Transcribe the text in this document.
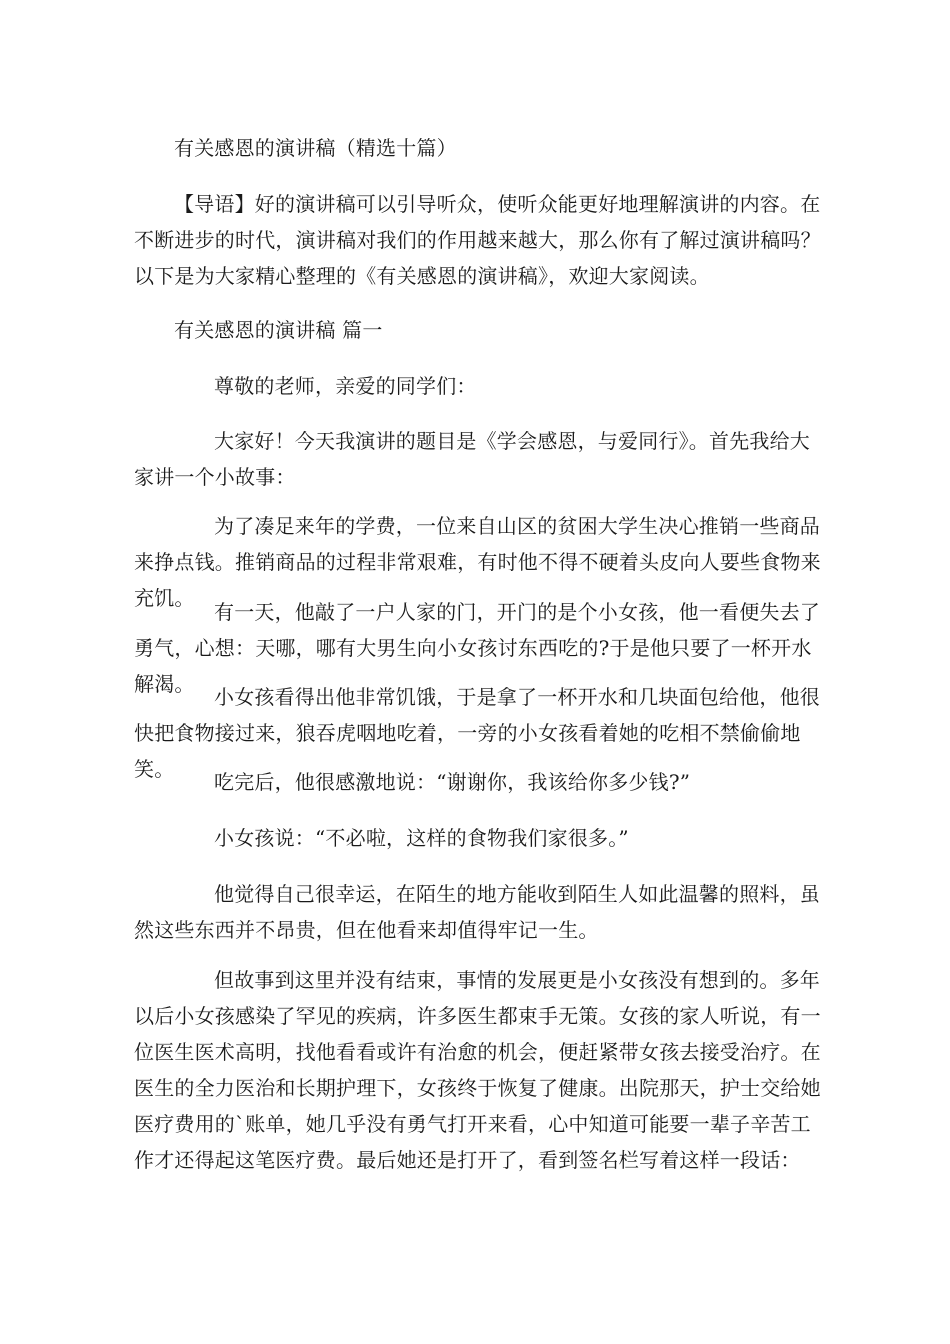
有关感恩的演讲稿（精选十篇）

【导语】好的演讲稿可以引导听众，使听众能更好地理解演讲的内容。在不断进步的时代，演讲稿对我们的作用越来越大，那么你有了解过演讲稿吗？以下是为大家精心整理的《有关感恩的演讲稿》，欢迎大家阅读。

有关感恩的演讲稿 篇一

尊敬的老师，亲爱的同学们：

大家好！今天我演讲的题目是《学会感恩，与爱同行》。首先我给大家讲一个小故事：

为了凑足来年的学费，一位来自山区的贫困大学生决心推销一些商品来挣点钱。推销商品的过程非常艰难，有时他不得不硬着头皮向人要些食物来充饥。

有一天，他敲了一户人家的门，开门的是个小女孩，他一看便失去了勇气，心想：天哪，哪有大男生向小女孩讨东西吃的?于是他只要了一杯开水解渴。

小女孩看得出他非常饥饿，于是拿了一杯开水和几块面包给他，他很快把食物接过来，狼吞虎咽地吃着，一旁的小女孩看着她的吃相不禁偷偷地笑。

吃完后，他很感激地说：“谢谢你，我该给你多少钱?”

小女孩说：“不必啦，这样的食物我们家很多。”

他觉得自己很幸运，在陌生的地方能收到陌生人如此温馨的照料，虽然这些东西并不昂贵，但在他看来却值得牢记一生。

但故事到这里并没有结束，事情的发展更是小女孩没有想到的。多年以后小女孩感染了罕见的疾病，许多医生都束手无策。女孩的家人听说，有一位医生医术高明，找他看看或许有治愈的机会，便赶紧带女孩去接受治疗。在医生的全力医治和长期护理下，女孩终于恢复了健康。出院那天，护士交给她医疗费用的`账单，她几乎没有勇气打开来看，心中知道可能要一辈子辛苦工作才还得起这笔医疗费。最后她还是打开了，看到签名栏写着这样一段话：
